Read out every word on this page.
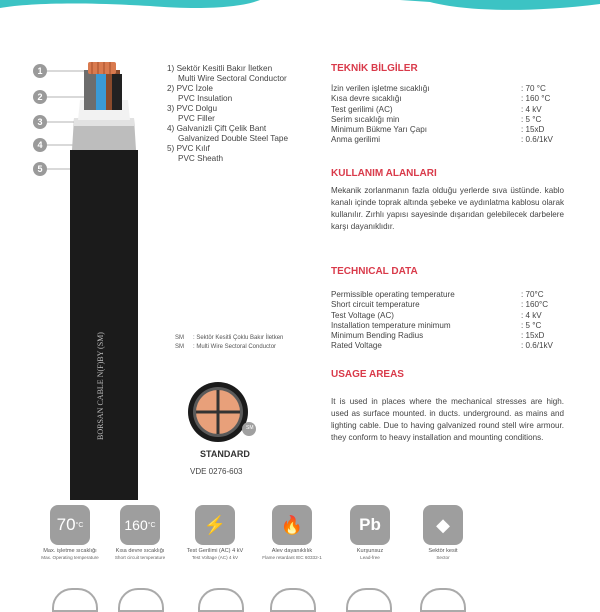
BORSAN CABLE N(F)BY (SM)
1
2
3
4
5
SM
1) Sektör Kesitli Bakır İletken
Multi Wire Sectoral Conductor
2) PVC İzole
PVC Insulation
3) PVC Dolgu
PVC Filler
4) Galvanizli Çift Çelik Bant
Galvanized Double Steel Tape
5) PVC Kılıf
PVC Sheath
SM : Sektör Kesitli Çoklu Bakır İletken
SM : Multi Wire Sectoral Conductor
STANDARD
VDE 0276-603
TEKNİK BİLGİLER
İzin verilen işletme sıcaklığı	: 70 °C
Kısa devre sıcaklığı	: 160 °C
Test gerilimi (AC)	: 4 kV
Serim sıcaklığı min	: 5 °C
Minimum Bükme Yarı Çapı	: 15xD
Anma gerilimi	: 0.6/1kV
KULLANIM ALANLARI
Mekanik zorlanmanın fazla olduğu yerlerde sıva üstünde. kablo kanalı içinde toprak altında şebeke ve aydınlatma kablosu olarak kullanılır. Zırhlı yapısı sayesinde dışarıdan gelebilecek darbelere karşı dayanıklıdır.
TECHNICAL DATA
Permissible operating temperature	: 70°C
Short circuit temperature	: 160°C
Test Voltage (AC)	: 4 kV
Installation temperature minimum	: 5 °C
Minimum Bending Radius	: 15xD
Rated Voltage	: 0.6/1kV
USAGE AREAS
It is used in places where the mechanical stresses are high. used as surface mounted. in ducts. underground. as mains and lighting cable. Due to having galvanized round stell wire armour. they conform to heavy installation and mounting conditions.
70 °C
Max. işletme sıcaklığı
Max. Operating temperature
160 °C
Kısa devre sıcaklığı
Short circuit temperature
⚡
Test Gerilimi (AC) 4 kV
Test Voltage (AC) 4 kV
🔥
Alev dayanıklılık
Flame retardant IEC 60332-1
Pb
Kurşunsuz
Lead-free
◆
Sektör kesit
Sector
